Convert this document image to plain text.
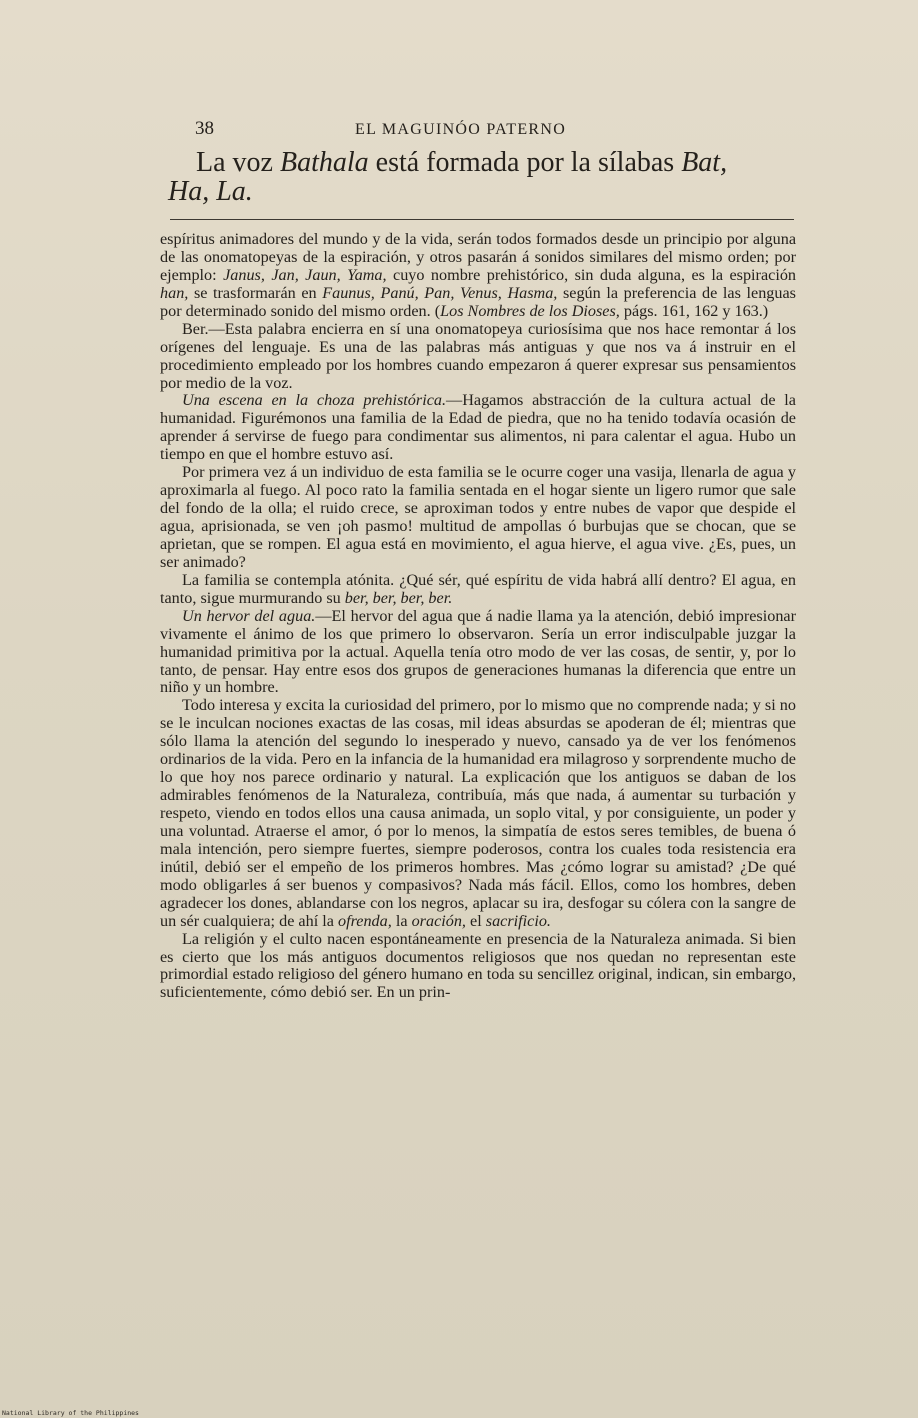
38	EL MAGUINÓO PATERNO
La voz Bathala está formada por la sílabas Bat,
Ha, La.

espíritus animadores del mundo y de la vida, serán todos formados desde un principio por alguna de las onomatopeyas de la espiración, y otros pasarán á sonidos similares del mismo orden; por ejemplo: Janus, Jan, Jaun, Yama, cuyo nombre prehistórico, sin duda alguna, es la espiración han, se trasformarán en Faunus, Panú, Pan, Venus, Hasma, según la preferencia de las lenguas por determinado sonido del mismo orden. (Los Nombres de los Dioses, págs. 161, 162 y 163.)

Ber.—Esta palabra encierra en sí una onomatopeya curiosísima que nos hace remontar á los orígenes del lenguaje. Es una de las palabras más antiguas y que nos va á instruir en el procedimiento empleado por los hombres cuando empezaron á querer expresar sus pensamientos por medio de la voz.

Una escena en la choza prehistórica.—Hagamos abstracción de la cultura actual de la humanidad. Figurémonos una familia de la Edad de piedra, que no ha tenido todavía ocasión de aprender á servirse de fuego para condimentar sus alimentos, ni para calentar el agua. Hubo un tiempo en que el hombre estuvo así.

Por primera vez á un individuo de esta familia se le ocurre coger una vasija, llenarla de agua y aproximarla al fuego. Al poco rato la familia sentada en el hogar siente un ligero rumor que sale del fondo de la olla; el ruido crece, se aproximan todos y entre nubes de vapor que despide el agua, aprisionada, se ven ¡oh pasmo! multitud de ampollas ó burbujas que se chocan, que se aprietan, que se rompen. El agua está en movimiento, el agua hierve, el agua vive. ¿Es, pues, un ser animado?

La familia se contempla atónita. ¿Qué sér, qué espíritu de vida habrá allí dentro? El agua, en tanto, sigue murmurando su ber, ber, ber, ber.

Un hervor del agua.—El hervor del agua que á nadie llama ya la atención, debió impresionar vivamente el ánimo de los que primero lo observaron. Sería un error indisculpable juzgar la humanidad primitiva por la actual. Aquella tenía otro modo de ver las cosas, de sentir, y, por lo tanto, de pensar. Hay entre esos dos grupos de generaciones humanas la diferencia que entre un niño y un hombre.

Todo interesa y excita la curiosidad del primero, por lo mismo que no comprende nada; y si no se le inculcan nociones exactas de las cosas, mil ideas absurdas se apoderan de él; mientras que sólo llama la atención del segundo lo inesperado y nuevo, cansado ya de ver los fenómenos ordinarios de la vida. Pero en la infancia de la humanidad era milagroso y sorprendente mucho de lo que hoy nos parece ordinario y natural. La explicación que los antiguos se daban de los admirables fenómenos de la Naturaleza, contribuía, más que nada, á aumentar su turbación y respeto, viendo en todos ellos una causa animada, un soplo vital, y por consiguiente, un poder y una voluntad. Atraerse el amor, ó por lo menos, la simpatía de estos seres temibles, de buena ó mala intención, pero siempre fuertes, siempre poderosos, contra los cuales toda resistencia era inútil, debió ser el empeño de los primeros hombres. Mas ¿cómo lograr su amistad? ¿De qué modo obligarles á ser buenos y compasivos? Nada más fácil. Ellos, como los hombres, deben agradecer los dones, ablandarse con los negros, aplacar su ira, desfogar su cólera con la sangre de un sér cualquiera; de ahí la ofrenda, la oración, el sacrificio.

La religión y el culto nacen espontáneamente en presencia de la Naturaleza animada. Si bien es cierto que los más antiguos documentos religiosos que nos quedan no representan este primordial estado religioso del género humano en toda su sencillez original, indican, sin embargo, suficientemente, cómo debió ser. En un prin-

National Library of the Philippines
